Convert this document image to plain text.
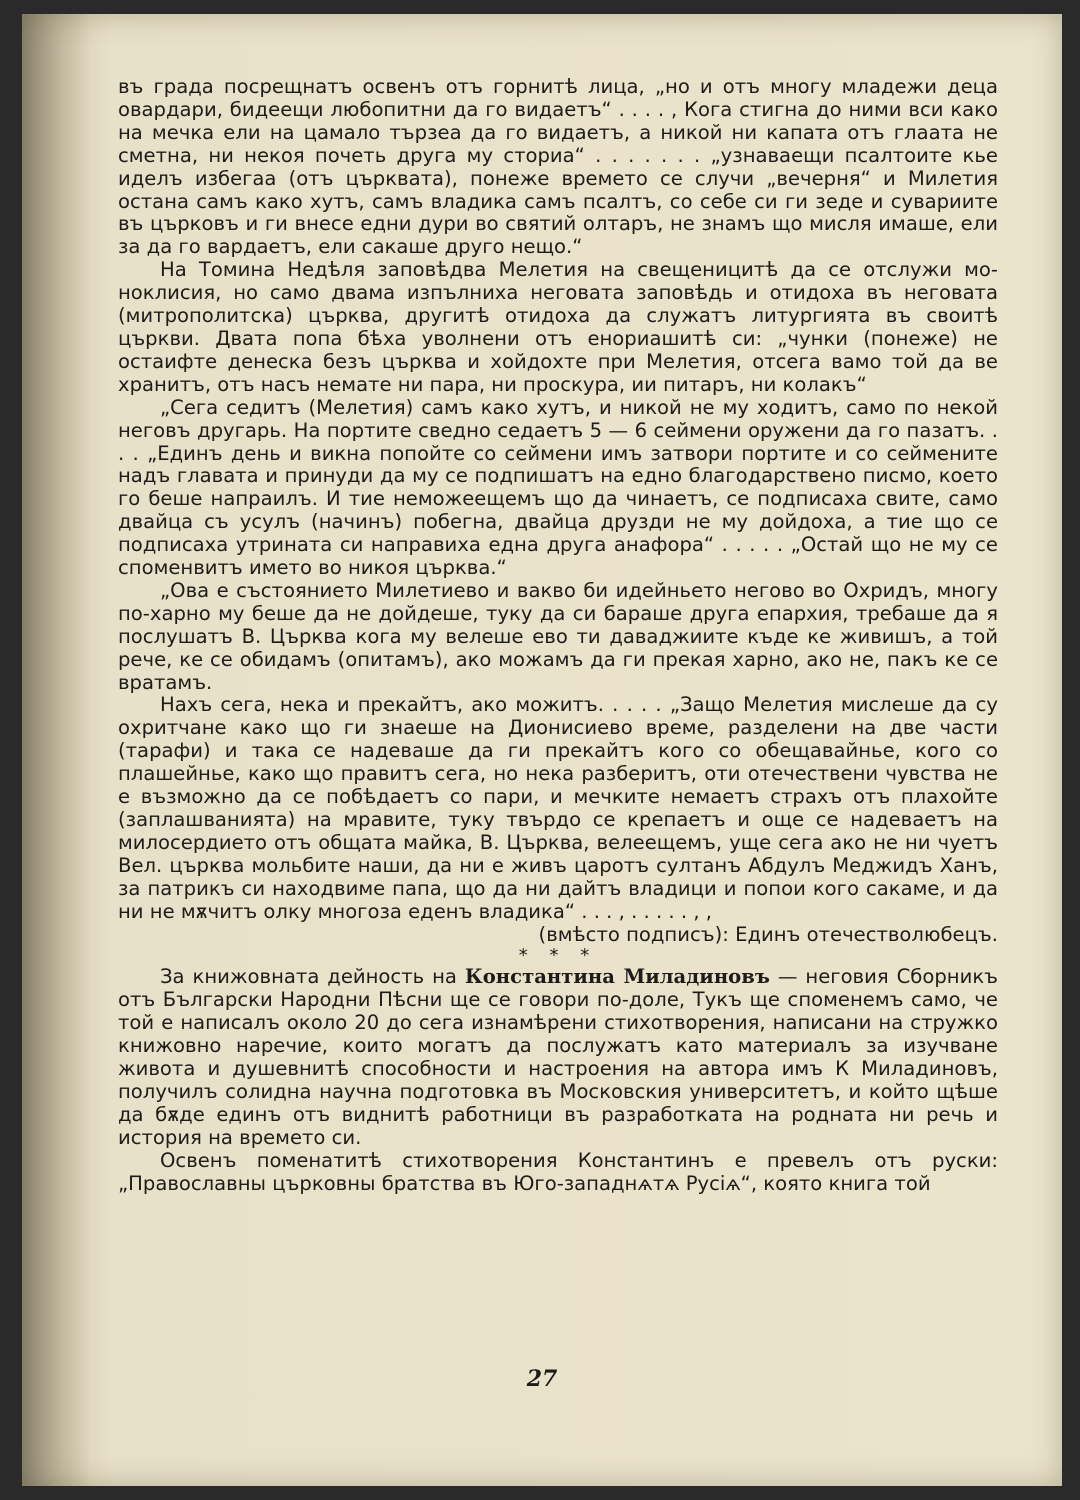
въ града посрещнатъ освенъ отъ горнитѣ лица, „но и отъ многу младежи деца овардари, бидеещи любопитни да го видаетъ“ . . . . , Кога стигна до ними вси како на мечка ели на цамало тързеа да го видаетъ, а никой ни капата отъ глаата не сметна, ни некоя почеть друга му сториа“ . . . . . . . „узнаваещи псалтоите кье иделъ избегаа (отъ църквата), понеже времето се случи „вечерня“ и Милетия остана самъ како хутъ, самъ владика самъ псалтъ, со себе си ги зеде и сувариите въ църковъ и ги внесе едни дури во святий олтаръ, не знамъ що мисля имаше, ели за да го вардаетъ, ели сакаше друго нещо.“

На Томина Недѣля заповѣдва Мелетия на свещеницитѣ да се отслужи моноклисия, но само двама изпълниха неговата заповѣдь и отидоха въ неговата (митрополитска) църква, другитѣ отидоха да служатъ литургията въ своитѣ църкви. Двата попа бѣха уволнени отъ енориашитѣ си: „чунки (понеже) не остаифте денеска безъ църква и хойдохте при Мелетия, отсега вамо той да ве хранитъ, отъ насъ немате ни пара, ни проскура, ии питаръ, ни колакъ“

„Сега седитъ (Мелетия) самъ како хутъ, и никой не му ходитъ, само по некой неговъ другарь. На портите сведно седаетъ 5 — 6 сеймени оружени да го пазатъ. . . . „Единъ день и викна попойте со сеймени имъ затвори портите и со сеймените надъ главата и принуди да му се подпишатъ на едно благодарствено писмо, което го беше напраилъ. И тие неможеещемъ що да чинаетъ, се подписаха свите, само двайца съ усулъ (начинъ) побегна, двайца друзди не му дойдоха, а тие що се подписаха утрината си направиха една друга анафора“ . . . . . „Остай що не му се споменвитъ името во никоя църква.“

„Ова е състоянието Милетиево и вакво би идейньето негово во Охридъ, многу по-харно му беше да не дойдеше, туку да си бараше друга епархия, требаше да я послушатъ В. Църква кога му велеше ево ти даваджиите къде ке живишъ, а той рече, ке се обидамъ (опитамъ), ако можамъ да ги прекая харно, ако не, пакъ ке се вратамъ.

Нахъ сега, нека и прекайтъ, ако можитъ. . . . . „Защо Мелетия мислеше да су охритчане како що ги знаеше на Дионисиево време, разделени на две части (тарафи) и така се надеваше да ги прекайтъ кого со обещавайнье, кого со плашейнье, како що правитъ сега, но нека разберитъ, оти отечествени чувства не е възможно да се побѣдаетъ со пари, и мечките немаетъ страхъ отъ плахойте (заплашванията) на мравите, туку твърдо се крепаетъ и още се надеваетъ на милосердието отъ общата майка, В. Църква, велеещемъ, уще сега ако не ни чуетъ Вел. църква мольбите наши, да ни е живъ царотъ султанъ Абдулъ Меджидъ Ханъ, за патрикъ си находвиме папа, що да ни дайтъ владици и попои кого сакаме, и да ни не мѫчитъ олку многоза еденъ владика“ . . . , . . . . . , ,

(вмѣсто подписъ): Единъ отечестволюбецъ.

* * *

За книжовната дейность на Константина Миладиновъ — неговия Сборникъ отъ Български Народни Пѣсни ще се говори по-доле, Тукъ ще споменемъ само, че той е написалъ около 20 до сега изнамѣрени стихотворения, написани на стружко книжовно наречие, които могатъ да послужатъ като материалъ за изучване живота и душевнитѣ способности и настроения на автора имъ К Миладиновъ, получилъ солидна научна подготовка въ Московския университетъ, и който щѣше да бѫде единъ отъ виднитѣ работници въ разработката на родната ни речь и история на времето си.

Освенъ поменатитѣ стихотворения Константинъ е превелъ отъ руски: „Православны църковны братства въ Юго-западнѧтѧ Русiѧ“, която книга той

27
